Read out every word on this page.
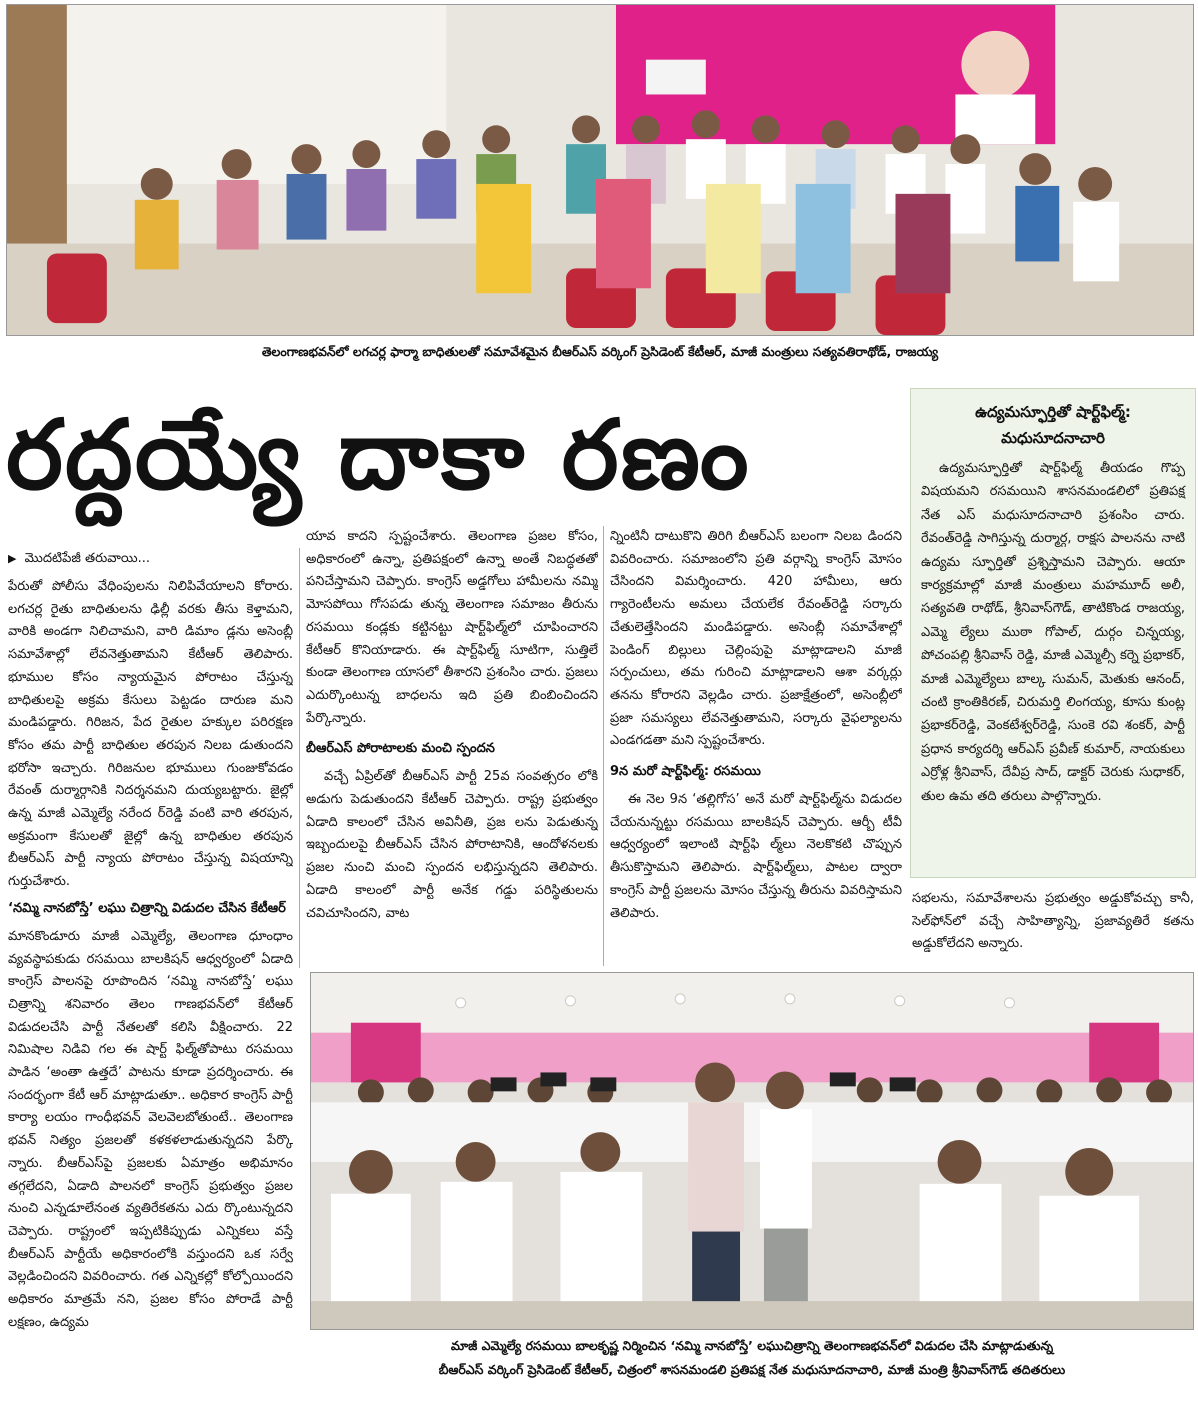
తెలంగాణభవన్‌లో లగచర్ల ఫార్మా బాధితులతో సమావేశమైన బీఆర్‌ఎస్ వర్కింగ్ ప్రెసిడెంట్ కేటీఆర్, మాజీ మంత్రులు సత్యవతిరాథోడ్, రాజయ్య
రద్దయ్యే దాకా రణం
▶ మొదటిపేజీ తరువాయి...

పేరుతో పోలీసు వేధింపులను నిలిపివేయాలని కోరారు. లగచర్ల రైతు బాధితులను ఢిల్లీ వరకు తీసు కెళ్తామని, వారికి అండగా నిలిచామని, వారి డిమాం డ్లను అసెంబ్లీ సమావేశాల్లో లేవనెత్తుతామని కేటీఆర్ తెలిపారు. భూముల కోసం న్యాయమైన పోరాటం చేస్తున్న బాధితులపై అక్రమ కేసులు పెట్టడం దారుణ మని మండిపడ్డారు. గిరిజన, పేద రైతుల హక్కుల పరిరక్షణ కోసం తమ పార్టీ బాధితుల తరపున నిలబ డుతుందని భరోసా ఇచ్చారు. గిరిజనుల భూములు గుంజుకోవడం రేవంత్ దుర్మార్గానికి నిదర్శనమని దుయ్యబట్టారు. జైల్లో ఉన్న మాజీ ఎమ్మెల్యే నరేంద ర్‌రెడ్డి వంటి వారి తరపున, అక్రమంగా కేసులతో జైల్లో ఉన్న బాధితుల తరపున బీఆర్‌ఎస్ పార్టీ న్యాయ పోరాటం చేస్తున్న విషయాన్ని గుర్తుచేశారు.

‘నమ్మి నానబోస్తే’ లఘు చిత్రాన్ని విడుదల చేసిన కేటీఆర్

మానకొండూరు మాజీ ఎమ్మెల్యే, తెలంగాణ ధూంధాం వ్యవస్థాపకుడు రసమయి బాలకిషన్ ఆధ్వర్యంలో ఏడాది కాంగ్రెస్ పాలనపై రూపొందిన ‘నమ్మి నానబోస్తే’ లఘు చిత్రాన్ని శనివారం తెలం గాణభవన్‌లో కేటీఆర్ విడుదలచేసి పార్టీ నేతలతో కలిసి వీక్షించారు. 22 నిమిషాల నిడివి గల ఈ షార్ట్ ఫిల్మ్‌తోపాటు రసమయి పాడిన ‘అంతా ఉత్తదే’ పాటను కూడా ప్రదర్శించారు. ఈ సందర్భంగా కేటీ ఆర్ మాట్లాడుతూ.. అధికార కాంగ్రెస్ పార్టీ కార్యా లయం గాంధీభవన్ వెలవెలబోతుంటే.. తెలంగాణ భవన్ నిత్యం ప్రజలతో కళకళలాడుతున్నదని పేర్కొ న్నారు. బీఆర్‌ఎస్‌పై ప్రజలకు ఏమాత్రం అభిమానం తగ్గలేదని, ఏడాది పాలనలో కాంగ్రెస్ ప్రభుత్వం ప్రజల నుంచి ఎన్నడూలేనంత వ్యతిరేకతను ఎదు ర్కొంటున్నదని చెప్పారు. రాష్ట్రంలో ఇప్పటికిప్పుడు ఎన్నికలు వస్తే బీఆర్‌ఎస్ పార్టీయే అధికారంలోకి వస్తుందని ఒక సర్వే వెల్లడించిందని వివరించారు. గత ఎన్నికల్లో కోల్పోయిందని అధికారం మాత్రమే నని, ప్రజల కోసం పోరాడే పార్టీ లక్షణం, ఉద్యమ

యావ కాదని స్పష్టంచేశారు. తెలంగాణ ప్రజల కోసం, అధికారంలో ఉన్నా, ప్రతిపక్షంలో ఉన్నా అంతే నిబద్ధతతో పనిచేస్తామని చెప్పారు. కాంగ్రెస్ అడ్డగోలు హామీలను నమ్మి మోసపోయి గోసపడు తున్న తెలంగాణ సమాజం తీరును రసమయి కండ్లకు కట్టినట్టు షార్ట్‌ఫిల్మ్‌లో చూపించారని కేటీఆర్ కొనియాడారు. ఈ షార్ట్‌ఫిల్మ్ సూటిగా, సుత్తిలే కుండా తెలంగాణ యాసలో తీశారని ప్రశంసిం చారు. ప్రజలు ఎదుర్కొంటున్న బాధలను ఇది ప్రతి బింబించిందని పేర్కొన్నారు.

బీఆర్‌ఎస్ పోరాటాలకు మంచి స్పందన

వచ్చే ఏప్రిల్‌తో బీఆర్‌ఎస్ పార్టీ 25వ సంవత్సరం లోకి అడుగు పెడుతుందని కేటీఆర్ చెప్పారు. రాష్ట్ర ప్రభుత్వం ఏడాది కాలంలో చేసిన అవినీతి, ప్రజ లను పెడుతున్న ఇబ్బందులపై బీఆర్‌ఎస్ చేసిన పోరాటానికి, ఆందోళనలకు ప్రజల నుంచి మంచి స్పందన లభిస్తున్నదని తెలిపారు. ఏడాది కాలంలో పార్టీ అనేక గడ్డు పరిస్థితులను చవిచూసిందని, వాట

న్నింటినీ దాటుకొని తిరిగి బీఆర్‌ఎస్ బలంగా నిలబ డిందని వివరించారు. సమాజంలోని ప్రతి వర్గాన్ని కాంగ్రెస్ మోసం చేసిందని విమర్శించారు. 420 హామీలు, ఆరు గ్యారెంటీలను అమలు చేయలేక రేవంత్‌రెడ్డి సర్కారు చేతులెత్తేసిందని మండిపడ్డారు. అసెంబ్లీ సమావేశాల్లో పెండింగ్ బిల్లులు చెల్లింపుపై మాట్లాడాలని మాజీ సర్పంచులు, తమ గురించి మాట్లాడాలని ఆశా వర్కర్లు తనను కోరారని వెల్లడిం చారు. ప్రజాక్షేత్రంలో, అసెంబ్లీలో ప్రజా సమస్యలు లేవనెత్తుతామని, సర్కారు వైఫల్యాలను ఎండగడతా మని స్పష్టంచేశారు.

9న మరో షార్ట్‌ఫిల్మ్: రసమయి

ఈ నెల 9న ‘తల్లిగోస’ అనే మరో షార్ట్‌ఫిల్మ్‌ను విడుదల చేయనున్నట్టు రసమయి బాలకిషన్ చెప్పారు. ఆర్బీ టీవీ ఆధ్వర్యంలో ఇలాంటి షార్ట్‌ఫి ల్మ్‌లు నెలకొకటి చొప్పున తీసుకొస్తామని తెలిపారు. షార్ట్‌ఫిల్మ్‌లు, పాటల ద్వారా కాంగ్రెస్ పార్టీ ప్రజలను మోసం చేస్తున్న తీరును వివరిస్తామని తెలిపారు.

ఉద్యమస్ఫూర్తితో షార్ట్‌ఫిల్మ్: మధుసూదనాచారి

ఉద్యమస్ఫూర్తితో షార్ట్‌ఫిల్మ్ తీయడం గొప్ప విషయమని రసమయిని శాసనమండలిలో ప్రతిపక్ష నేత ఎస్ మధుసూదనాచారి ప్రశంసిం చారు. రేవంత్‌రెడ్డి సాగిస్తున్న దుర్మార్గ, రాక్షస పాలనను నాటి ఉద్యమ స్ఫూర్తితో ప్రశ్నిస్తామని చెప్పారు. ఆయా కార్యక్రమాల్లో మాజీ మంత్రులు మహమూద్ అలీ, సత్యవతి రాథోడ్, శ్రీనివాస్‌గౌడ్, తాటికొండ రాజయ్య, ఎమ్మె ల్యేలు ముఠా గోపాల్, దుర్గం చిన్నయ్య, పోచంపల్లి శ్రీనివాస్ రెడ్డి, మాజీ ఎమ్మెల్సీ కర్నె ప్రభాకర్, మాజీ ఎమ్మెల్యేలు బాల్క సుమన్, మెతుకు ఆనంద్, చంటి క్రాంతికిరణ్, చిరుమర్తి లింగయ్య, కూసు కుంట్ల ప్రభాకర్‌రెడ్డి, వెంకటేశ్వర్‌రెడ్డి, సుంకె రవి శంకర్, పార్టీ ప్రధాన కార్యదర్శి ఆర్‌ఎస్ ప్రవీణ్ కుమార్, నాయకులు ఎర్రోళ్ల శ్రీనివాస్, దేవీప్ర సాద్, డాక్టర్ చెరుకు సుధాకర్, తుల ఉమ తది తరులు పాల్గొన్నారు.

సభలను, సమావేశాలను ప్రభుత్వం అడ్డుకోవచ్చు కానీ, సెల్‌ఫోన్‌లో వచ్చే సాహిత్యాన్ని, ప్రజావ్యతిరే కతను అడ్డుకోలేదని అన్నారు.

మాజీ ఎమ్మెల్యే రసమయి బాలకృష్ణ నిర్మించిన ‘నమ్మి నానబోస్తే’ లఘుచిత్రాన్ని తెలంగాణభవన్‌లో విడుదల చేసి మాట్లాడుతున్న
బీఆర్‌ఎస్ వర్కింగ్ ప్రెసిడెంట్ కేటీఆర్, చిత్రంలో శాసనమండలి ప్రతిపక్ష నేత మధుసూదనాచారి, మాజీ మంత్రి శ్రీనివాస్‌గౌడ్ తదితరులు
